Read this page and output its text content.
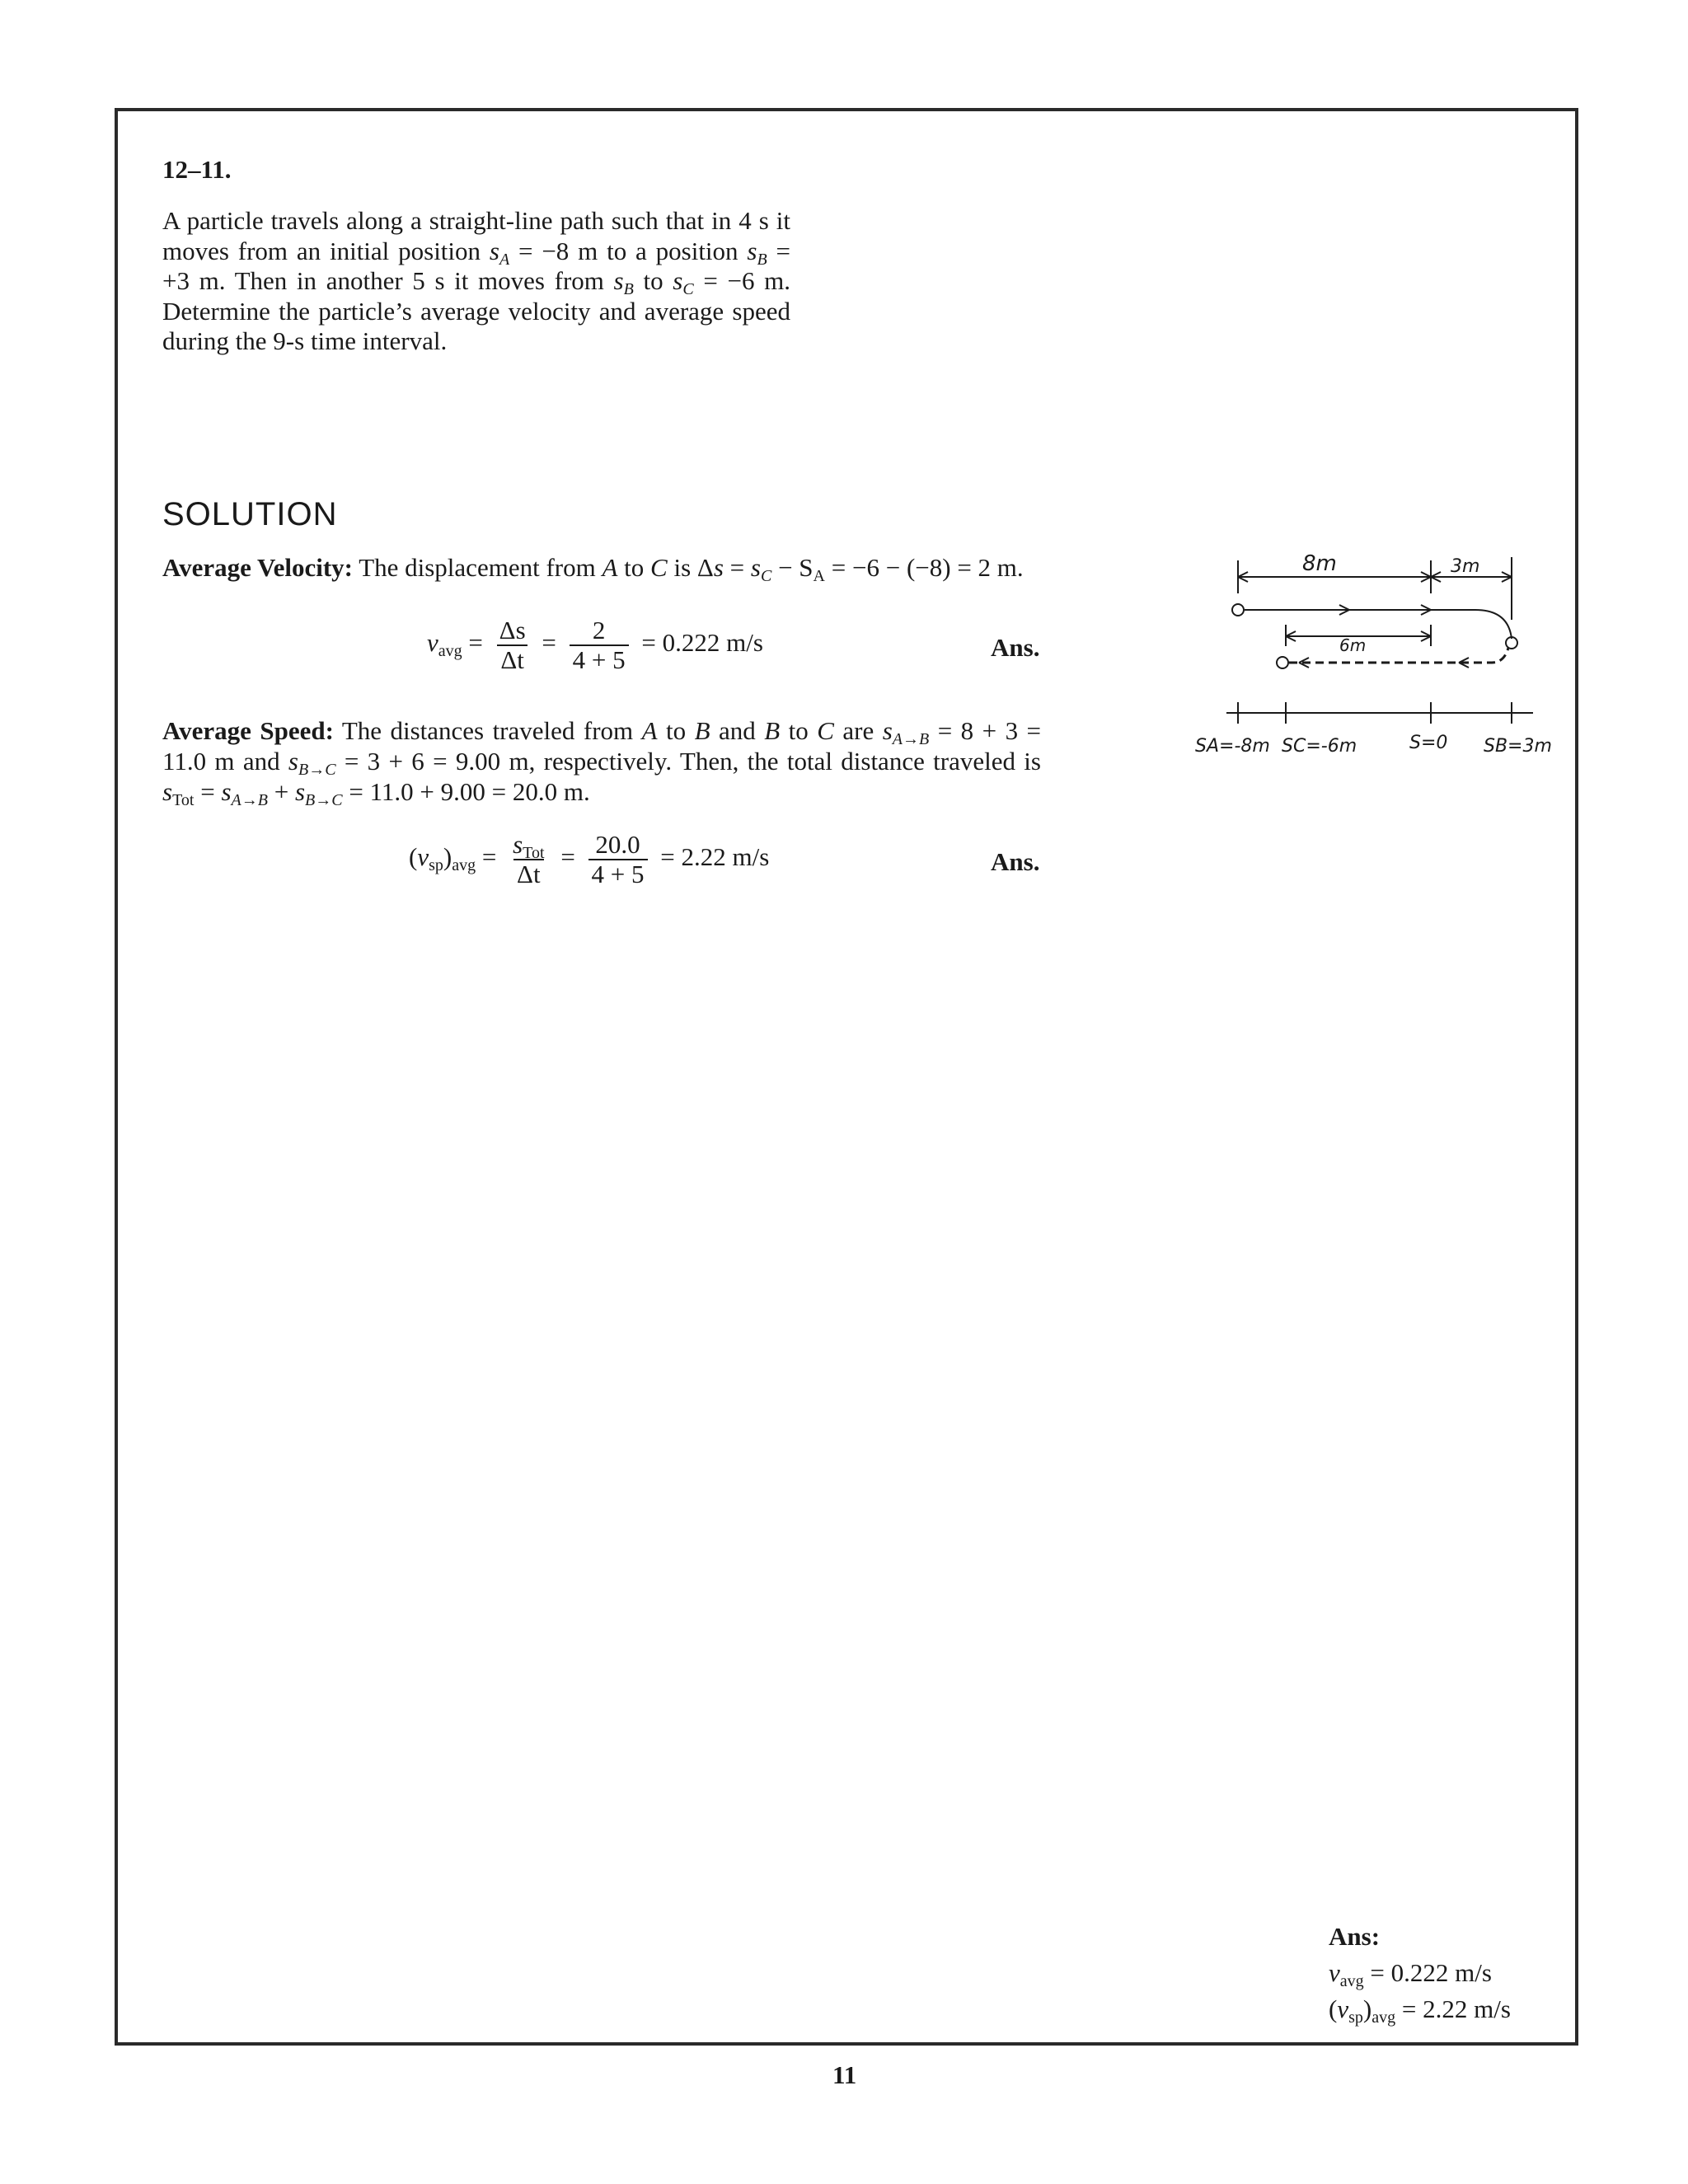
12–11.
A particle travels along a straight-line path such that in 4 s it moves from an initial position $s_A = -8$ m to a position $s_B = +3$ m. Then in another 5 s it moves from $s_B$ to $s_C = -6$ m. Determine the particle’s average velocity and average speed during the 9-s time interval.
SOLUTION
Average Velocity: The displacement from A to C is $\Delta s = s_C - S_A = -6 - (-8) = 2$ m.
$v_{avg} = \frac{\Delta s}{\Delta t} = \frac{2}{4 + 5} = 0.222$ m/s	Ans.
Average Speed: The distances traveled from A to B and B to C are $s_{A\to B} = 8 + 3 = 11.0$ m and $s_{B\to C} = 3 + 6 = 9.00$ m, respectively. Then, the total distance traveled is $s_{Tot} = s_{A\to B} + s_{B\to C} = 11.0 + 9.00 = 20.0$ m.
$(v_{sp})_{avg} = \frac{s_{Tot}}{\Delta t} = \frac{20.0}{4 + 5} = 2.22$ m/s	Ans.
8m	3m
6m
SA=-8m SC=-6m	S=0 SB=3m
Ans:
$v_{avg} = 0.222$ m/s
$(v_{sp})_{avg} = 2.22$ m/s
11
